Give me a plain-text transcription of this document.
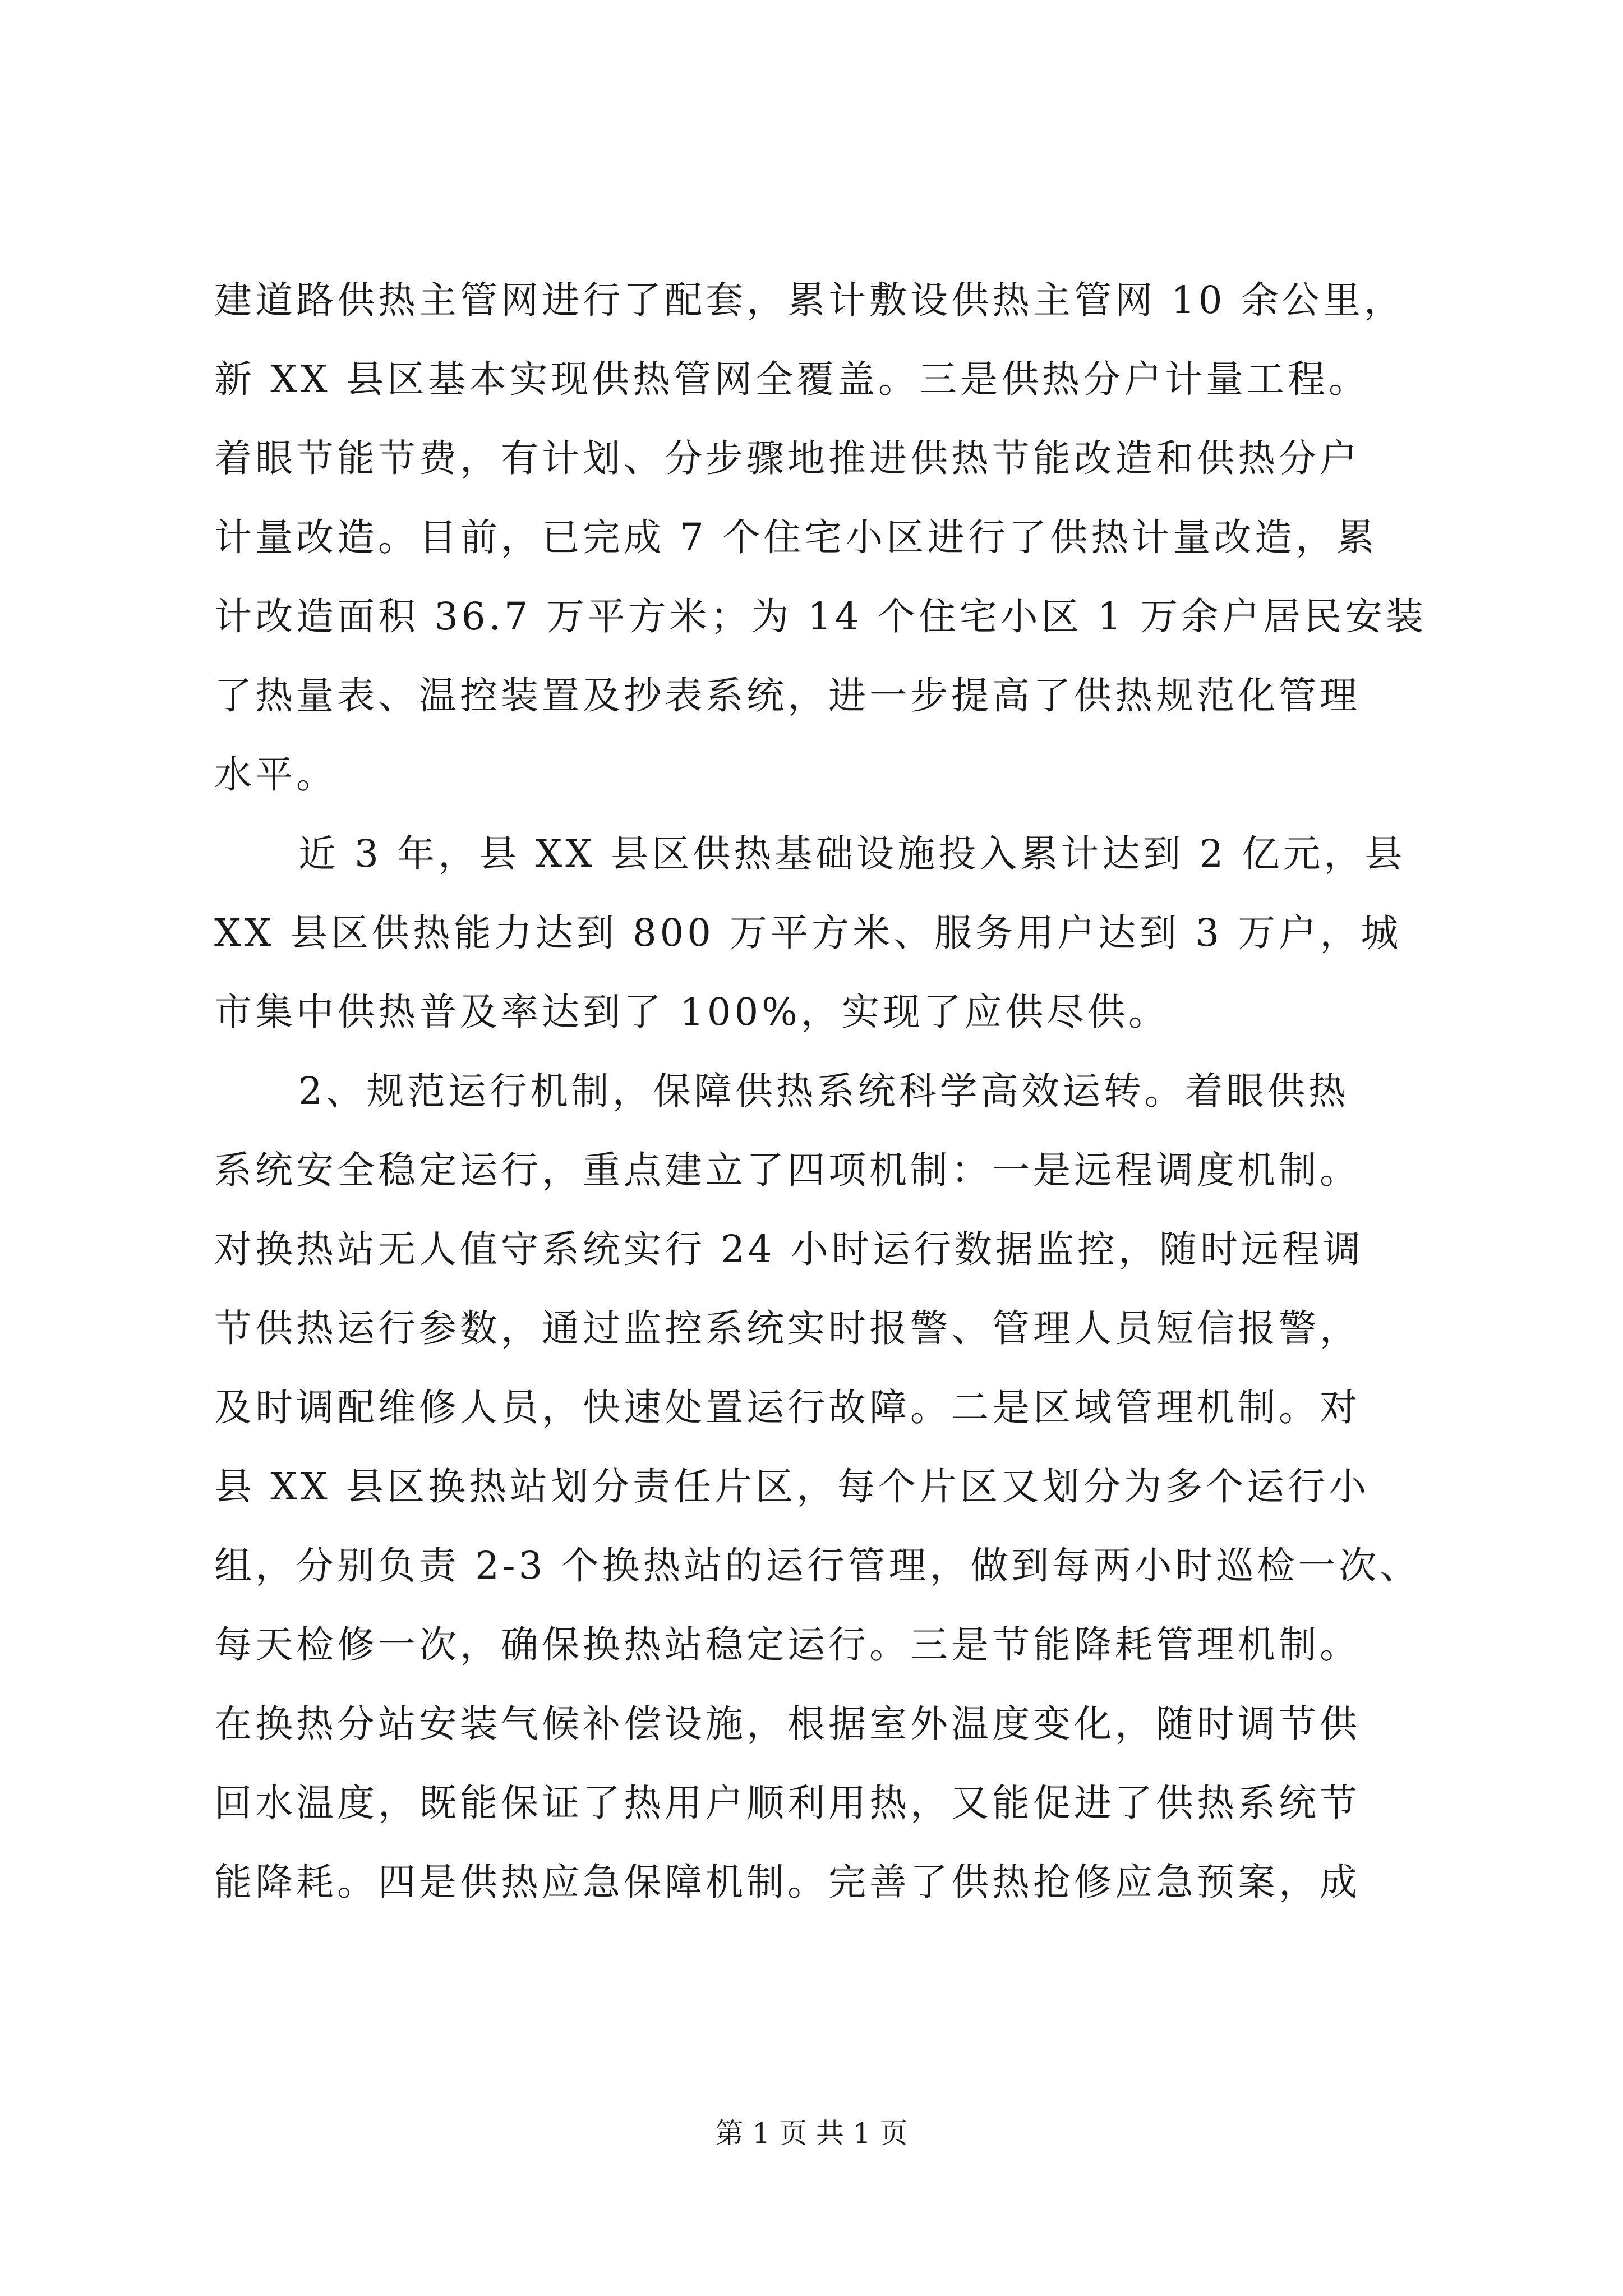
建道路供热主管网进行了配套，累计敷设供热主管网 10 余公里，
新 XX 县区基本实现供热管网全覆盖。三是供热分户计量工程。
着眼节能节费，有计划、分步骤地推进供热节能改造和供热分户
计量改造。目前，已完成 7 个住宅小区进行了供热计量改造，累
计改造面积 36.7 万平方米；为 14 个住宅小区 1 万余户居民安装
了热量表、温控装置及抄表系统，进一步提高了供热规范化管理
水平。
近 3 年，县 XX 县区供热基础设施投入累计达到 2 亿元，县
XX 县区供热能力达到 800 万平方米、服务用户达到 3 万户，城
市集中供热普及率达到了 100%，实现了应供尽供。
2、规范运行机制，保障供热系统科学高效运转。着眼供热
系统安全稳定运行，重点建立了四项机制：一是远程调度机制。
对换热站无人值守系统实行 24 小时运行数据监控，随时远程调
节供热运行参数，通过监控系统实时报警、管理人员短信报警，
及时调配维修人员，快速处置运行故障。二是区域管理机制。对
县 XX 县区换热站划分责任片区，每个片区又划分为多个运行小
组，分别负责 2-3 个换热站的运行管理，做到每两小时巡检一次、
每天检修一次，确保换热站稳定运行。三是节能降耗管理机制。
在换热分站安装气候补偿设施，根据室外温度变化，随时调节供
回水温度，既能保证了热用户顺利用热，又能促进了供热系统节
能降耗。四是供热应急保障机制。完善了供热抢修应急预案，成
第 1 页 共 1 页
